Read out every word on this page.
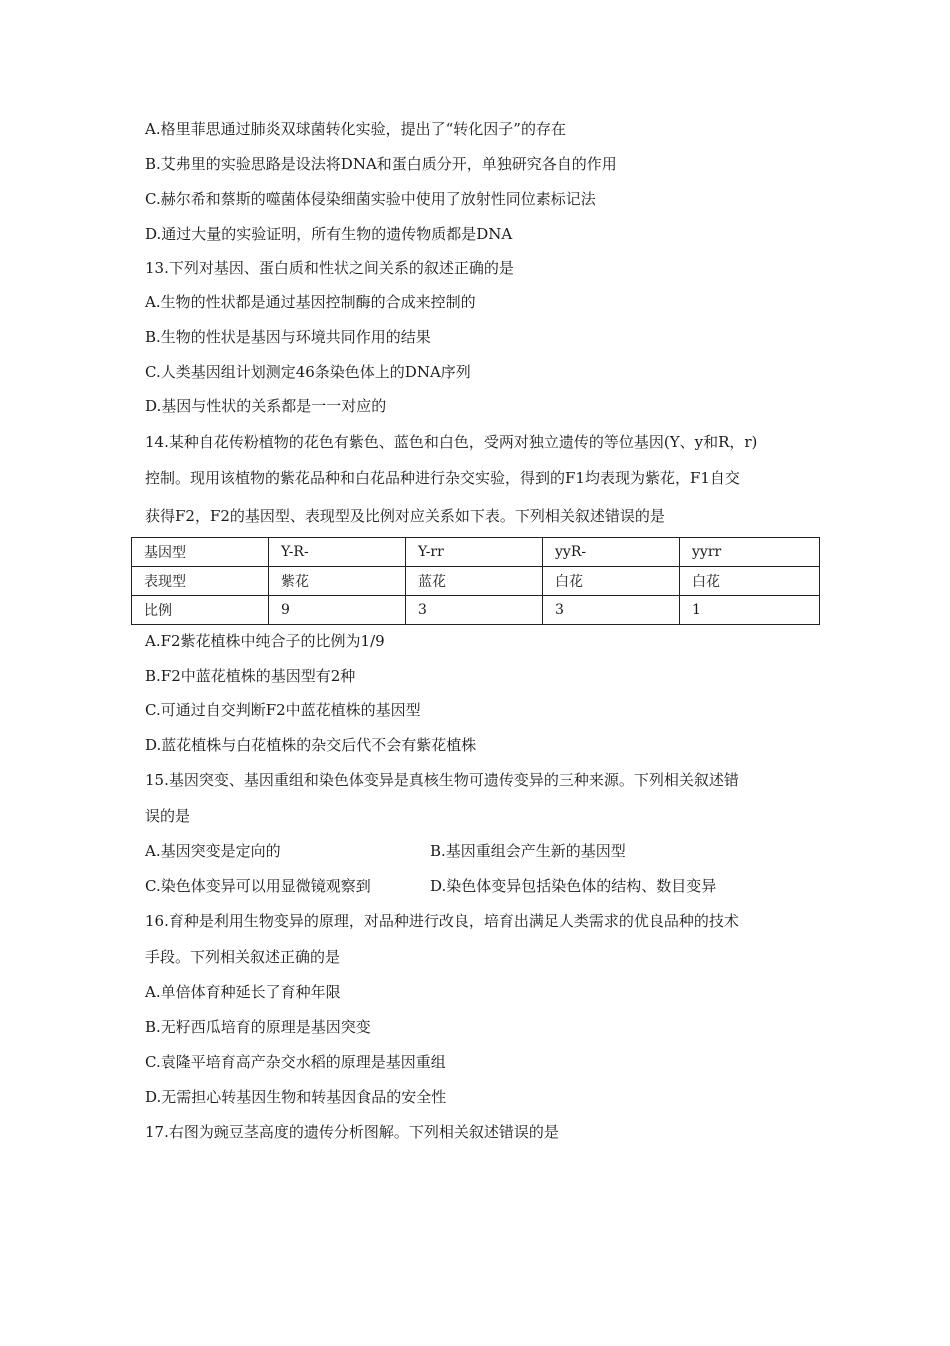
A.格里菲思通过肺炎双球菌转化实验，提出了“转化因子”的存在
B.艾弗里的实验思路是设法将DNA和蛋白质分开，单独研究各自的作用
C.赫尔希和蔡斯的噬菌体侵染细菌实验中使用了放射性同位素标记法
D.通过大量的实验证明，所有生物的遗传物质都是DNA
13.下列对基因、蛋白质和性状之间关系的叙述正确的是
A.生物的性状都是通过基因控制酶的合成来控制的
B.生物的性状是基因与环境共同作用的结果
C.人类基因组计划测定46条染色体上的DNA序列
D.基因与性状的关系都是一一对应的
14.某种自花传粉植物的花色有紫色、蓝色和白色，受两对独立遗传的等位基因(Y、y和R，r)
控制。现用该植物的紫花品种和白花品种进行杂交实验，得到的F1均表现为紫花，F1自交
获得F2，F2的基因型、表现型及比例对应关系如下表。下列相关叙述错误的是
基因型	Y-R-	Y-rr	yyR-	yyrr
表现型	紫花	蓝花	白花	白花
比例	9	3	3	1
A.F2紫花植株中纯合子的比例为1/9
B.F2中蓝花植株的基因型有2种
C.可通过自交判断F2中蓝花植株的基因型
D.蓝花植株与白花植株的杂交后代不会有紫花植株
15.基因突变、基因重组和染色体变异是真核生物可遗传变异的三种来源。下列相关叙述错
误的是
A.基因突变是定向的	B.基因重组会产生新的基因型
C.染色体变异可以用显微镜观察到	D.染色体变异包括染色体的结构、数目变异
16.育种是利用生物变异的原理，对品种进行改良，培育出满足人类需求的优良品种的技术
手段。下列相关叙述正确的是
A.单倍体育种延长了育种年限
B.无籽西瓜培育的原理是基因突变
C.袁隆平培育高产杂交水稻的原理是基因重组
D.无需担心转基因生物和转基因食品的安全性
17.右图为豌豆茎高度的遗传分析图解。下列相关叙述错误的是
